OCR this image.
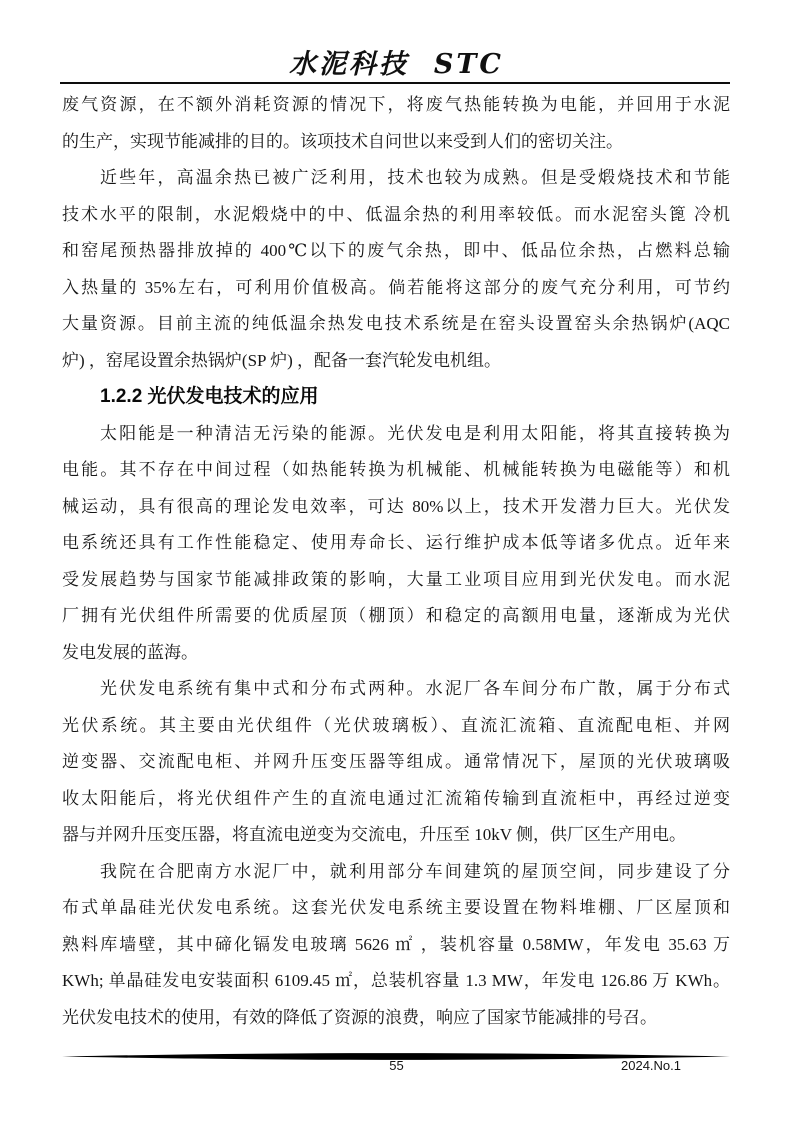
水泥科技  STC
废气资源，在不额外消耗资源的情况下，将废气热能转换为电能，并回用于水泥
的生产，实现节能减排的目的。该项技术自问世以来受到人们的密切关注。
近些年，高温余热已被广泛利用，技术也较为成熟。但是受煅烧技术和节能
技术水平的限制，水泥煅烧中的中、低温余热的利用率较低。而水泥窑头篦 冷机
和窑尾预热器排放掉的 400℃以下的废气余热，即中、低品位余热，占燃料总输
入热量的 35%左右，可利用价值极高。倘若能将这部分的废气充分利用，可节约
大量资源。目前主流的纯低温余热发电技术系统是在窑头设置窑头余热锅炉(AQC
炉) ，窑尾设置余热锅炉(SP 炉) ，配备一套汽轮发电机组。
1.2.2 光伏发电技术的应用
太阳能是一种清洁无污染的能源。光伏发电是利用太阳能，将其直接转换为
电能。其不存在中间过程（如热能转换为机械能、机械能转换为电磁能等）和机
械运动，具有很高的理论发电效率，可达 80%以上，技术开发潜力巨大。光伏发
电系统还具有工作性能稳定、使用寿命长、运行维护成本低等诸多优点。近年来
受发展趋势与国家节能减排政策的影响，大量工业项目应用到光伏发电。而水泥
厂拥有光伏组件所需要的优质屋顶（棚顶）和稳定的高额用电量，逐渐成为光伏
发电发展的蓝海。
光伏发电系统有集中式和分布式两种。水泥厂各车间分布广散，属于分布式
光伏系统。其主要由光伏组件（光伏玻璃板）、直流汇流箱、直流配电柜、并网
逆变器、交流配电柜、并网升压变压器等组成。通常情况下，屋顶的光伏玻璃吸
收太阳能后，将光伏组件产生的直流电通过汇流箱传输到直流柜中，再经过逆变
器与并网升压变压器，将直流电逆变为交流电，升压至 10kV 侧，供厂区生产用电。
我院在合肥南方水泥厂中，就利用部分车间建筑的屋顶空间，同步建设了分
布式单晶硅光伏发电系统。这套光伏发电系统主要设置在物料堆棚、厂区屋顶和
熟料库墙壁，其中碲化镉发电玻璃 5626 ㎡ ，装机容量 0.58MW，年发电 35.63 万
KWh; 单晶硅发电安装面积 6109.45 ㎡，总装机容量 1.3 MW，年发电 126.86 万 KWh。
光伏发电技术的使用，有效的降低了资源的浪费，响应了国家节能减排的号召。
55	2024.No.1
